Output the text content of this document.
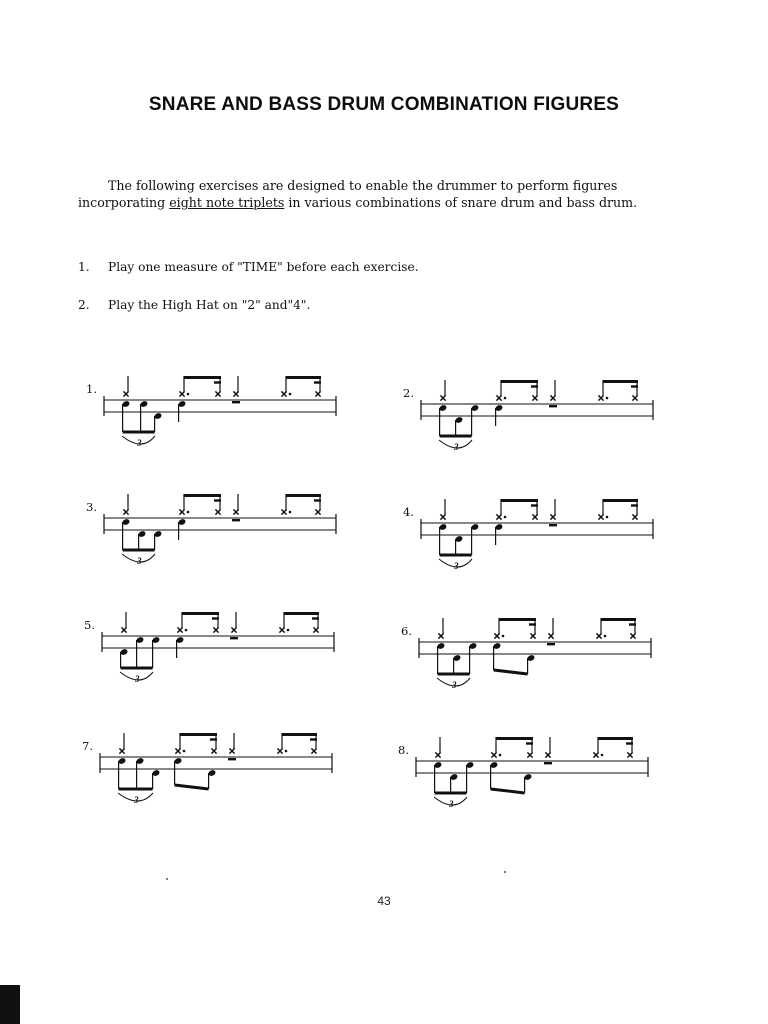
SNARE AND BASS DRUM COMBINATION FIGURES
The following exercises are designed to enable the drummer to perform figures
incorporating eight note triplets in various combinations of snare drum and bass drum.
1. Play one measure of "TIME" before each exercise.
2. Play the High Hat on "2" and"4".
1.
3
2.
3
3.
3
4.
3
5.
3
6.
3
7.
3
8.
3
43
